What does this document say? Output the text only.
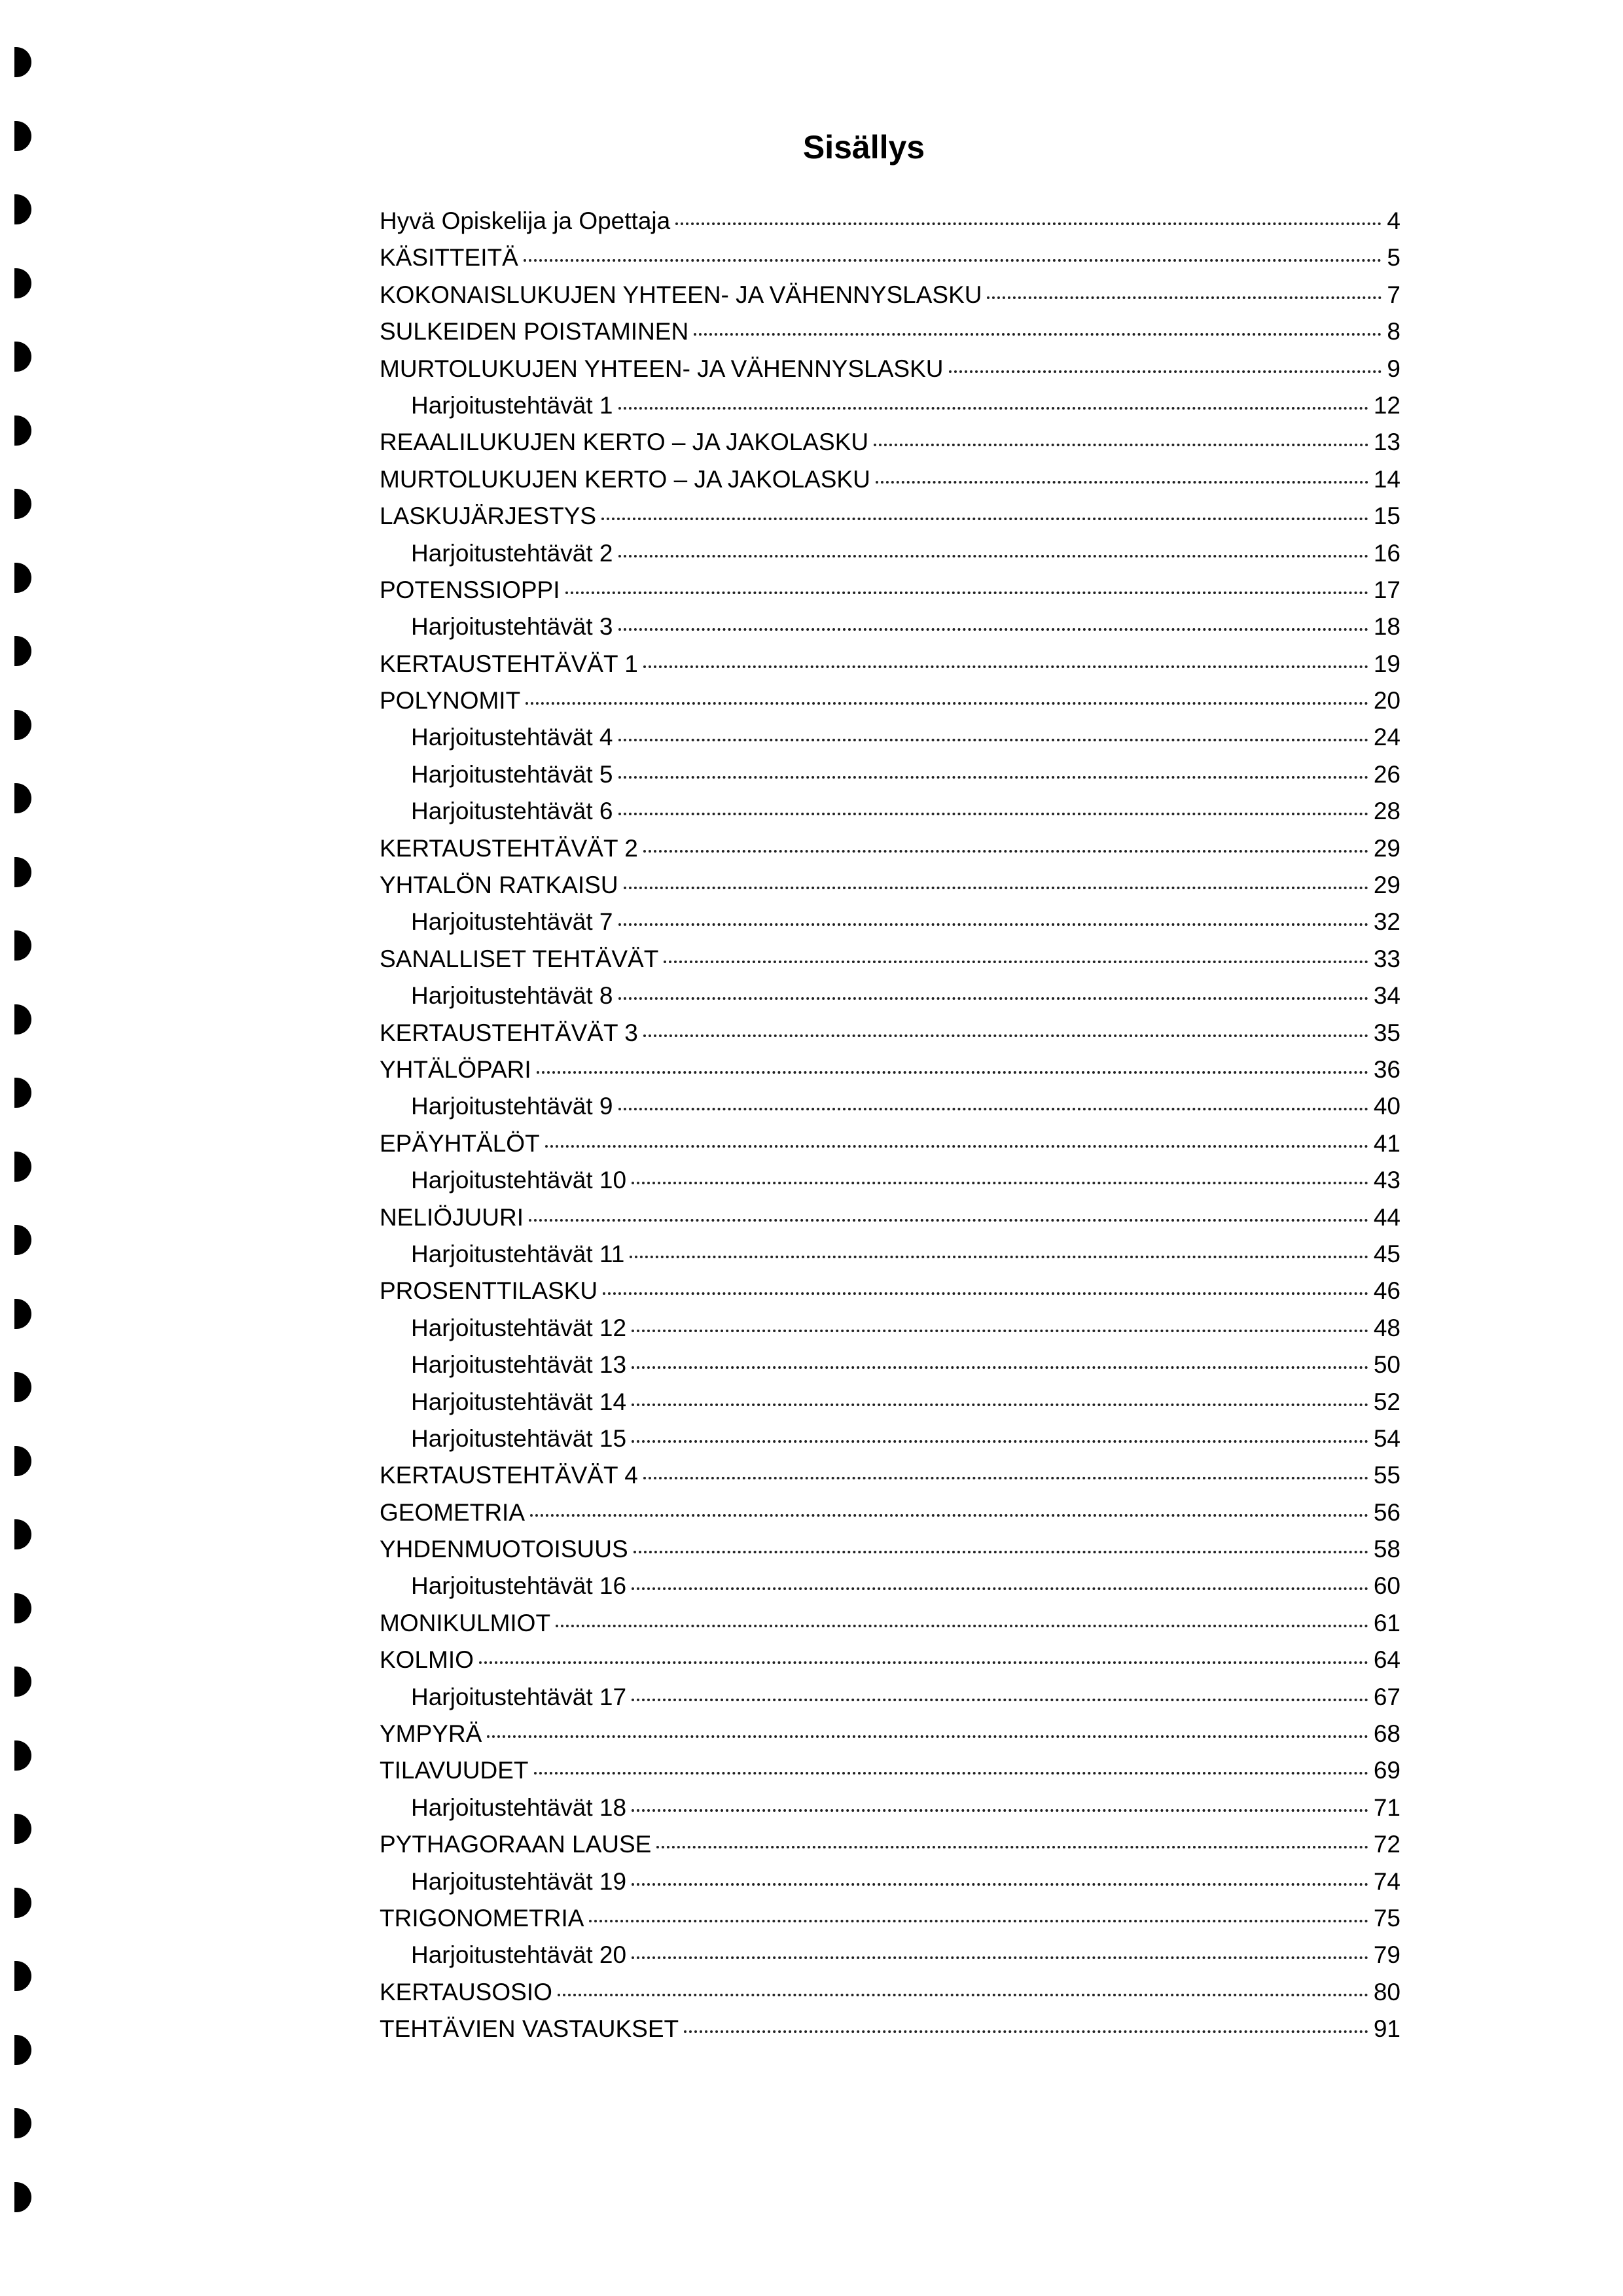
Sisällys
Hyvä Opiskelija ja Opettaja	4
KÄSITTEITÄ	5
KOKONAISLUKUJEN YHTEEN- JA VÄHENNYSLASKU	7
SULKEIDEN POISTAMINEN	8
MURTOLUKUJEN YHTEEN- JA VÄHENNYSLASKU	9
Harjoitustehtävät 1	12
REAALILUKUJEN KERTO – JA JAKOLASKU	13
MURTOLUKUJEN KERTO – JA JAKOLASKU	14
LASKUJÄRJESTYS	15
Harjoitustehtävät 2	16
POTENSSIOPPI	17
Harjoitustehtävät 3	18
KERTAUSTEHTÄVÄT 1	19
POLYNOMIT	20
Harjoitustehtävät 4	24
Harjoitustehtävät 5	26
Harjoitustehtävät 6	28
KERTAUSTEHTÄVÄT 2	29
YHTALÖN RATKAISU	29
Harjoitustehtävät 7	32
SANALLISET TEHTÄVÄT	33
Harjoitustehtävät 8	34
KERTAUSTEHTÄVÄT 3	35
YHTÄLÖPARI	36
Harjoitustehtävät 9	40
EPÄYHTÄLÖT	41
Harjoitustehtävät 10	43
NELIÖJUURI	44
Harjoitustehtävät 11	45
PROSENTTILASKU	46
Harjoitustehtävät 12	48
Harjoitustehtävät 13	50
Harjoitustehtävät 14	52
Harjoitustehtävät 15	54
KERTAUSTEHTÄVÄT 4	55
GEOMETRIA	56
YHDENMUOTOISUUS	58
Harjoitustehtävät 16	60
MONIKULMIOT	61
KOLMIO	64
Harjoitustehtävät 17	67
YMPYRÄ	68
TILAVUUDET	69
Harjoitustehtävät 18	71
PYTHAGORAAN LAUSE	72
Harjoitustehtävät 19	74
TRIGONOMETRIA	75
Harjoitustehtävät 20	79
KERTAUSOSIO	80
TEHTÄVIEN VASTAUKSET	91
